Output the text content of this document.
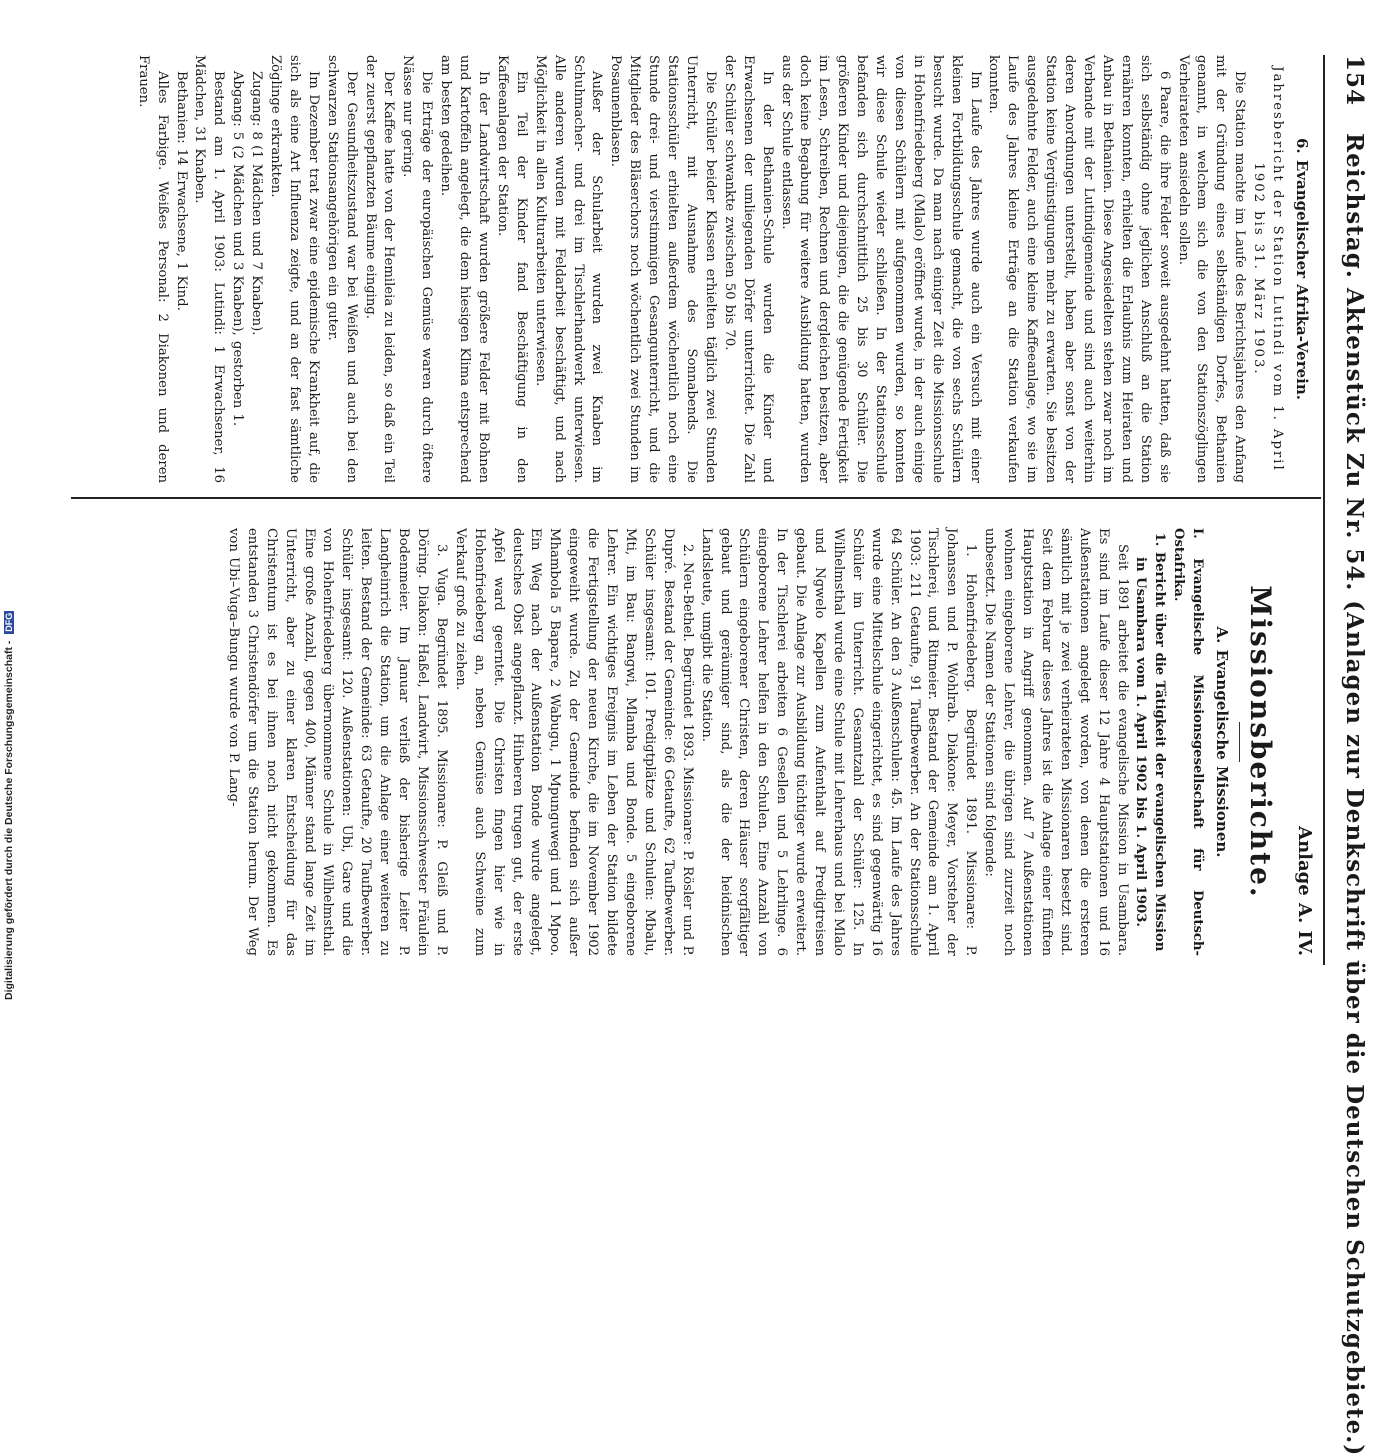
154   Reichstag. Aktenstück Zu Nr. 54. (Anlagen zur Denkschrift über die Deutschen Schutzgebiete.)

6. Evangelischer Afrika-Verein.

Jahresbericht der Station Lutindi vom 1. April 1902 bis 31. März 1903.

Die Station machte im Laufe des Berichtsjahres den Anfang mit der Gründung eines selbständigen Dorfes, Bethanien genannt, in welchem sich die von den Stationszöglingen Verheirateten ansiedeln sollen.

6 Paare, die ihre Felder soweit ausgedehnt hatten, daß sie sich selbständig ohne jeglichen Anschluß an die Station ernähren konnten, erhielten die Erlaubnis zum Heiraten und Anbau in Bethanien. Diese Angesiedelten stehen zwar noch im Verbande mit der Lutindigemeinde und sind auch weiterhin deren Anordnungen unterstellt, haben aber sonst von der Station keine Vergünstigungen mehr zu erwarten. Sie besitzen ausgedehnte Felder, auch eine kleine Kaffeeanlage, wo sie im Laufe des Jahres kleine Erträge an die Station verkaufen konnten.

Im Laufe des Jahres wurde auch ein Versuch mit einer kleinen Fortbildungsschule gemacht, die von sechs Schülern besucht wurde. Da man nach einiger Zeit die Missionsschule in Hohenfriedeberg (Mlalo) eröffnet wurde, in der auch einige von diesen Schülern mit aufgenommen wurden, so konnten wir diese Schule wieder schließen. In der Stationsschule befanden sich durchschnittlich 25 bis 30 Schüler. Die größeren Kinder und diejenigen, die die genügende Fertigkeit im Lesen, Schreiben, Rechnen und dergleichen besitzen, aber doch keine Begabung für weitere Ausbildung hatten, wurden aus der Schule entlassen.

In der Bethanien-Schule wurden die Kinder und Erwachsenen der umliegenden Dörfer unterrichtet. Die Zahl der Schüler schwankte zwischen 50 bis 70.

Die Schüler beider Klassen erhielten täglich zwei Stunden Unterricht, mit Ausnahme des Sonnabends. Die Stationsschüler erhielten außerdem wöchentlich noch eine Stunde drei- und vierstimmigen Gesangunterricht, und die Mitglieder des Bläserchors noch wöchentlich zwei Stunden im Posaunenblasen.

Außer der Schularbeit wurden zwei Knaben im Schuhmacher- und drei im Tischlerhandwerk unterwiesen. Alle anderen wurden mit Feldarbeit beschäftigt, und nach Möglichkeit in allen Kulturarbeiten unterwiesen.

Ein Teil der Kinder fand Beschäftigung in den Kaffeeanlagen der Station.

In der Landwirtschaft wurden größere Felder mit Bohnen und Kartoffeln angelegt, die dem hiesigen Klima entsprechend am besten gedeihen.

Die Erträge der europäischen Gemüse waren durch öftere Nässe nur gering.

Der Kaffee hatte von der Hemileia zu leiden, so daß ein Teil der zuerst gepflanzten Bäume einging.

Der Gesundheitszustand war bei Weißen und auch bei den schwarzen Stationsangehörigen ein guter.

Im Dezember trat zwar eine epidemische Krankheit auf, die sich als eine Art Influenza zeigte, und an der fast sämtliche Zöglinge erkrankten.

Zugang: 8 (1 Mädchen und 7 Knaben).

Abgang: 5 (2 Mädchen und 3 Knaben), gestorben 1.

Bestand am 1. April 1903: Lutindi: 1 Erwachsener, 16 Mädchen, 31 Knaben.

Bethanien: 14 Erwachsene, 1 Kind.

Alles Farbige. Weißes Personal: 2 Diakonen und deren Frauen.

Anlage A. IV.

Missionsberichte.

A. Evangelische Missionen.

I. Evangelische Missionsgesellschaft für Deutsch-Ostafrika.

1. Bericht über die Tätigkeit der evangelischen Mission in Usambara vom 1. April 1902 bis 1. April 1903.

Seit 1891 arbeitet die evangelische Mission in Usambara. Es sind im Laufe dieser 12 Jahre 4 Hauptstationen und 16 Außenstationen angelegt worden, von denen die ersteren sämtlich mit je zwei verheirateten Missionaren besetzt sind. Seit dem Februar dieses Jahres ist die Anlage einer fünften Hauptstation in Angriff genommen. Auf 7 Außenstationen wohnen eingeborene Lehrer, die übrigen sind zurzeit noch unbesetzt. Die Namen der Stationen sind folgende:

1. Hohenfriedeberg. Begründet 1891. Missionare: P. Johanssen und P. Wohlrab. Diakone: Meyer, Vorsteher der Tischlerei, und Ritmeier. Bestand der Gemeinde am 1. April 1903: 211 Getaufte, 91 Taufbewerber. An der Stationsschule 64 Schüler. An den 3 Außenschulen: 45. Im Laufe des Jahres wurde eine Mittelschule eingerichtet, es sind gegenwärtig 16 Schüler im Unterricht. Gesamtzahl der Schüler: 125. In Wilhelmsthal wurde eine Schule mit Lehrerhaus und bei Mlalo und Ngwelo Kapellen zum Aufenthalt auf Predigtreisen gebaut. Die Anlage zur Ausbildung tüchtiger wurde erweitert. In der Tischlerei arbeiten 6 Gesellen und 5 Lehrlinge. 6 eingeborene Lehrer helfen in den Schulen. Eine Anzahl von Schülern eingeborener Christen, deren Häuser sorgfältiger gebaut und geräumiger sind, als die der heidnischen Landsleute, umgibt die Station.

2. Neu-Bethel. Begründet 1893. Missionare: P. Rösler und P. Dupré. Bestand der Gemeinde: 66 Getaufte, 62 Taufbewerber. Schüler insgesamt: 101. Predigtplätze und Schulen: Mbalu, Mti, im Bau: Bangwi, Mlamba und Bonde. 5 eingeborene Lehrer. Ein wichtiges Ereignis im Leben der Station bildete die Fertigstellung der neuen Kirche, die im November 1902 eingeweiht wurde. Zu der Gemeinde befinden sich außer Mhambola 5 Bapare, 2 Wabugu, 1 Mpunguwegi und 1 Mpoo. Ein Weg nach der Außenstation Bonde wurde angelegt, deutsches Obst angepflanzt. Hinberen trugen gut, der erste Apfel ward geerntet. Die Christen fingen hier wie in Hohenfriedeberg an, neben Gemüse auch Schweine zum Verkauf groß zu ziehen.

3. Vuga. Begründet 1895. Missionare: P. Gleiß und P. Döring. Diakon: Haßel, Landwirt, Missionsschwester Fräulein Bodenmeier. Im Januar verließ der bisherige Leiter P. Langheinrich die Station, um die Anlage einer weiteren zu leiten. Bestand der Gemeinde: 63 Getaufte, 20 Taufbewerber. Schüler insgesamt: 120. Außenstationen: Ubi, Gare und die von Hohenfriedeberg übernommene Schule in Wilhelmsthal. Eine große Anzahl, gegen 400, Männer stand lange Zeit im Unterricht, aber zu einer klaren Entscheidung für das Christentum ist es bei ihnen noch nicht gekommen. Es entstanden 3 Christendörfer um die Station herum. Der Weg von Ubi–Vuga–Bungu wurde von P. Lang-

Digitalisierung gefördert durch die Deutsche Forschungsgemeinschaft - DFG
